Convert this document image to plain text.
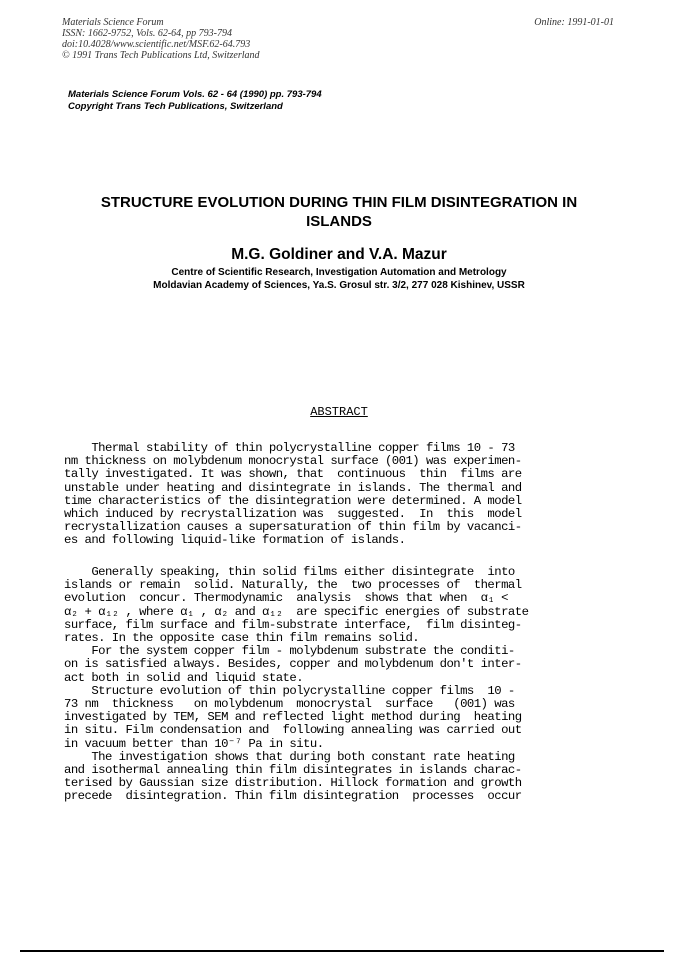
Materials Science Forum
ISSN: 1662-9752, Vols. 62-64, pp 793-794
doi:10.4028/www.scientific.net/MSF.62-64.793
© 1991 Trans Tech Publications Ltd, Switzerland
Online: 1991-01-01
Materials Science Forum Vols. 62 - 64 (1990) pp. 793-794
Copyright Trans Tech Publications, Switzerland
STRUCTURE EVOLUTION DURING THIN FILM DISINTEGRATION IN
ISLANDS
M.G. Goldiner and V.A. Mazur
Centre of Scientific Research, Investigation Automation and Metrology
Moldavian Academy of Sciences, Ya.S. Grosul str. 3/2, 277 028 Kishinev, USSR
ABSTRACT
Thermal stability of thin polycrystalline copper films 10 - 73
nm thickness on molybdenum monocrystal surface (001) was experimen-
tally investigated. It was shown, that  continuous  thin  films are
unstable under heating and disintegrate in islands. The thermal and
time characteristics of the disintegration were determined. A model
which induced by recrystallization was  suggested.  In  this  model
recrystallization causes a supersaturation of thin film by vacanci-
es and following liquid-like formation of islands.
Generally speaking, thin solid films either disintegrate  into
islands or remain  solid. Naturally, the  two processes of  thermal
evolution  concur. Thermodynamic  analysis  shows that when  α₁ <
α₂ + α₁₂ , where α₁ , α₂ and α₁₂  are specific energies of substrate
surface, film surface and film-substrate interface,  film disinteg-
rates. In the opposite case thin film remains solid.
For the system copper film - molybdenum substrate the conditi-
on is satisfied always. Besides, copper and molybdenum don't inter-
act both in solid and liquid state.
Structure evolution of thin polycrystalline copper films  10 -
73 nm  thickness   on molybdenum  monocrystal  surface   (001) was
investigated by TEM, SEM and reflected light method during  heating
in situ. Film condensation and  following annealing was carried out
in vacuum better than 10⁻⁷ Pa in situ.
The investigation shows that during both constant rate heating
and isothermal annealing thin film disintegrates in islands charac-
terised by Gaussian size distribution. Hillock formation and growth
precede  disintegration. Thin film disintegration  processes  occur
